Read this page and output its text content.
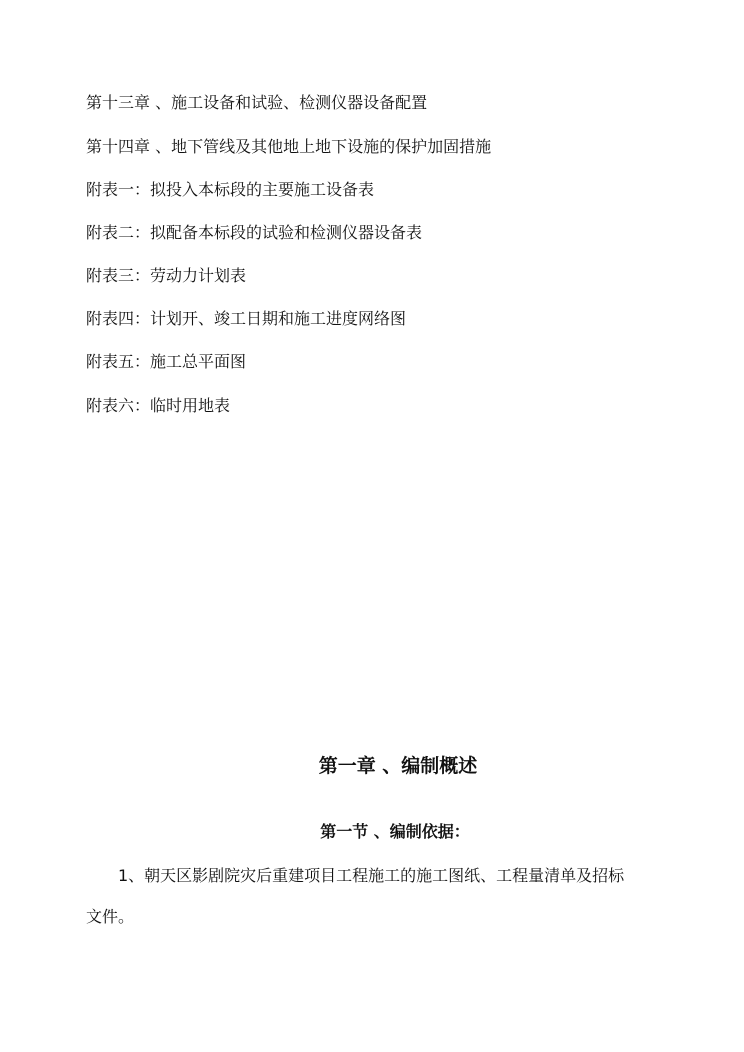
第十三章 、施工设备和试验、检测仪器设备配置
第十四章 、地下管线及其他地上地下设施的保护加固措施
附表一：拟投入本标段的主要施工设备表
附表二：拟配备本标段的试验和检测仪器设备表
附表三：劳动力计划表
附表四：计划开、竣工日期和施工进度网络图
附表五：施工总平面图
附表六：临时用地表
第一章 、编制概述
第一节 、编制依据：
1、朝天区影剧院灾后重建项目工程施工的施工图纸、工程量清单及招标
文件。
